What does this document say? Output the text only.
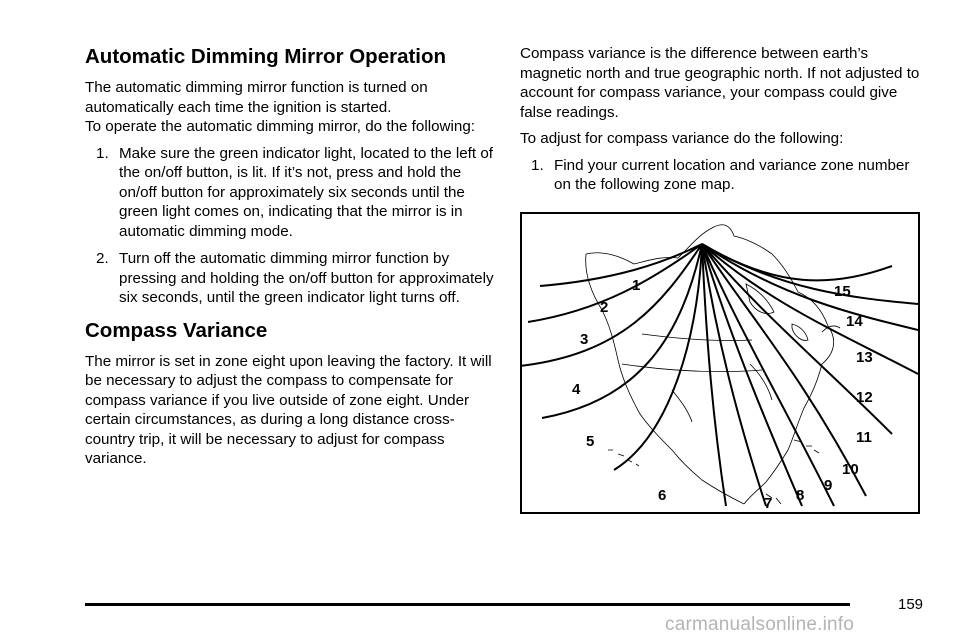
Automatic Dimming Mirror Operation

The automatic dimming mirror function is turned on automatically each time the ignition is started.

To operate the automatic dimming mirror, do the following:

1. Make sure the green indicator light, located to the left of the on/off button, is lit. If it’s not, press and hold the on/off button for approximately six seconds until the green light comes on, indicating that the mirror is in automatic dimming mode.
2. Turn off the automatic dimming mirror function by pressing and holding the on/off button for approximately six seconds, until the green indicator light turns off.
Compass Variance

The mirror is set in zone eight upon leaving the factory. It will be necessary to adjust the compass to compensate for compass variance if you live outside of zone eight. Under certain circumstances, as during a long distance cross-country trip, it will be necessary to adjust for compass variance.

Compass variance is the difference between earth’s magnetic north and true geographic north. If not adjusted to account for compass variance, your compass could give false readings.

To adjust for compass variance do the following:

1. Find your current location and variance zone number on the following zone map.
1
2
3
4
5
6	7 8
9
10
11
12
13
14
15
159
carmanualsonline.info
